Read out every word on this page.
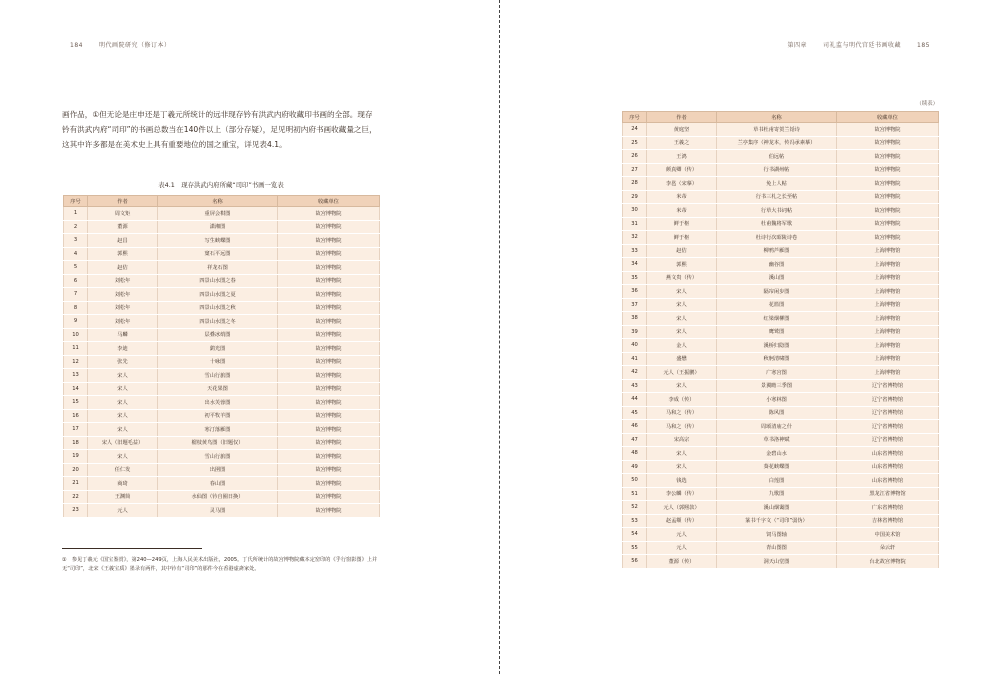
184	明代画院研究（修订本）

画作品，①但无论是庄申还是丁羲元所统计的远非现存钤有洪武内府收藏印书画的全部。现存钤有洪武内府“司印”的书画总数当在140件以上（部分存疑），足见明初内府书画收藏量之巨，这其中许多都是在美术史上具有重要地位的国之重宝，详见表4.1。

表4.1　现存洪武内府所藏“司印”书画一览表
序号	作者	名称	收藏单位
1	周文矩	重屏会棋图	故宫博物院
2	董源	潇湘图	故宫博物院
3	赵昌	写生蛱蝶图	故宫博物院
4	郭熙	窠石平远图	故宫博物院
5	赵佶	祥龙石图	故宫博物院
6	刘松年	四景山水图之春	故宫博物院
7	刘松年	四景山水图之夏	故宫博物院
8	刘松年	四景山水图之秋	故宫博物院
9	刘松年	四景山水图之冬	故宫博物院
10	马麟	层叠冰绡图	故宫博物院
11	李迪	鹞光图	故宫博物院
12	张先	十咏图	故宫博物院
13	宋人	雪山行旅图	故宫博物院
14	宋人	天花果图	故宫博物院
15	宋人	出水芙蓉图	故宫博物院
16	宋人	初平牧羊图	故宫博物院
17	宋人	寒汀落雁图	故宫博物院
18	宋人（旧题毛益）	榴枝黄鸟图（旧题仅）	故宫博物院
19	宋人	雪山行旅图	故宫博物院
20	任仁发	出圉图	故宫博物院
21	商琦	春山图	故宫博物院
22	王渊简	水仙图（钤自圈日换）	故宫博物院
23	元人	灵马图	故宫博物院
①　参见丁羲元《国宝鉴赏》，第240—249页，上海人民美术出版社，2005。丁氏所统计的故宫博物院藏本定窑印的《乎行窗影图》上并无“司印”，北宋《王羲宝质》墨录有两件，其中钤有“司印”的那件今在香港虚斋家处。
第四章	司礼监与明代宫廷书画收藏	185
（续表）
序号	作者	名称	收藏单位
24	黄庭坚	草书杜甫寄贺兰铦诗	故宫博物院
25	王羲之	兰亭集序（神龙本，传冯承素摹）	故宫博物院
26	王鸿	伯远帖	故宫博物院
27	颜真卿（传）	行书湖州帖	故宫博物院
28	李邕（宋摹）	免上人帖	故宫博物院
29	米芾	行书三札之长至帖	故宫博物院
30	米芾	行草大书词帖	故宫博物院
31	鲜于枢	杜甫魏将军歌	故宫博物院
32	鲜于枢	杜诗行次昭陵诗卷	故宫博物院
33	赵佶	柳鸦芦雁图	上海博物馆
34	郭熙	幽谷图	上海博物馆
35	燕文贵（传）	溪山图	上海博物馆
36	宋人	隔帘闲步图	上海博物馆
37	宋人	花篮图	上海博物馆
38	宋人	红梁烟柳图	上海博物馆
39	宋人	鹰鹫图	上海博物馆
40	金人	溪桥归隐图	上海博物馆
41	盛懋	秋舸清啸图	上海博物馆
42	元人（王振鹏）	广寒宫图	上海博物馆
43	宋人	景翼瞻三季图	辽宁省博物馆
44	李成（传）	小寒林图	辽宁省博物馆
45	马和之（传）	陈风图	辽宁省博物馆
46	马和之（传）	周颂清庙之什	辽宁省博物馆
47	宋高宗	草书洛神赋	辽宁省博物馆
48	宋人	金碧山水	山东省博物馆
49	宋人	葵花蛱蝶图	山东省博物馆
50	钱选	白莲图	山东省博物馆
51	李公麟（传）	九歌图	黑龙江省博物馆
52	元人（郭熙款）	溪山烟霭图	广东省博物馆
53	赵孟頫（传）	篆书千字文（“司印”弱伪）	吉林省博物馆
54	元人	饲马图轴	中国美术馆
55	元人	青山图图	朵云轩
56	董源（传）	洞天山堂图	台北故宫博物院
